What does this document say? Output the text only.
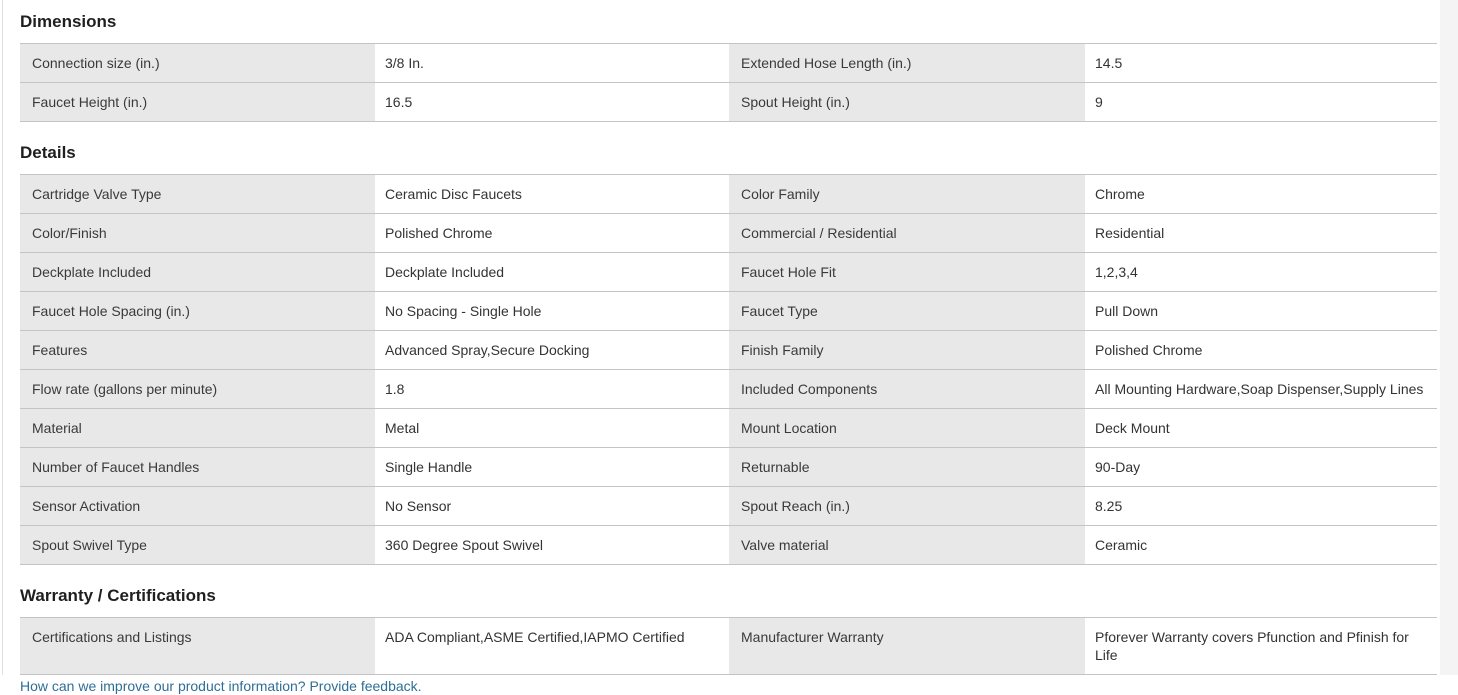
Dimensions
Connection size (in.)	3/8 In.	Extended Hose Length (in.)	14.5
Faucet Height (in.)	16.5	Spout Height (in.)	9
Details
Cartridge Valve Type	Ceramic Disc Faucets	Color Family	Chrome
Color/Finish	Polished Chrome	Commercial / Residential	Residential
Deckplate Included	Deckplate Included	Faucet Hole Fit	1,2,3,4
Faucet Hole Spacing (in.)	No Spacing - Single Hole	Faucet Type	Pull Down
Features	Advanced Spray,Secure Docking	Finish Family	Polished Chrome
Flow rate (gallons per minute)	1.8	Included Components	All Mounting Hardware,Soap Dispenser,Supply Lines
Material	Metal	Mount Location	Deck Mount
Number of Faucet Handles	Single Handle	Returnable	90-Day
Sensor Activation	No Sensor	Spout Reach (in.)	8.25
Spout Swivel Type	360 Degree Spout Swivel	Valve material	Ceramic
Warranty / Certifications
Certifications and Listings	ADA Compliant,ASME Certified,IAPMO Certified	Manufacturer Warranty	Pforever Warranty covers Pfunction and Pfinish for Life
How can we improve our product information? Provide feedback.
